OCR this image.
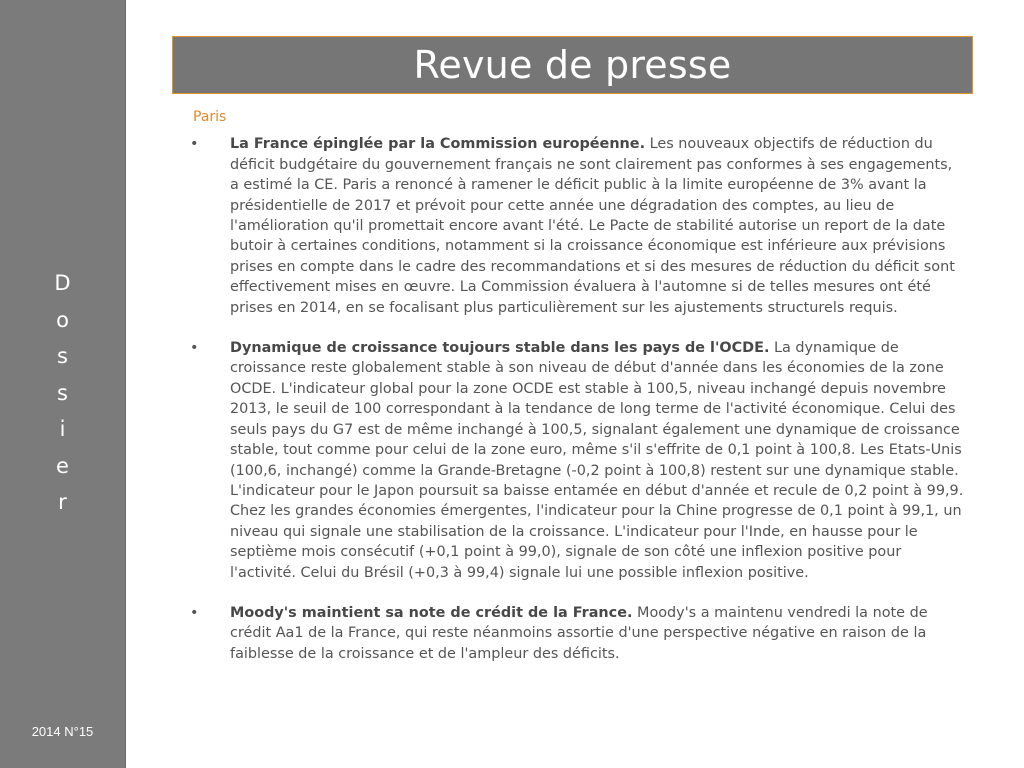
D
o
s
s
i
e
r
2014 N°15
Revue de presse
Paris
• La France épinglée par la Commission européenne. Les nouveaux objectifs de réduction du déficit budgétaire du gouvernement français ne sont clairement pas conformes à ses engagements, a estimé la CE. Paris a renoncé à ramener le déficit public à la limite européenne de 3% avant la présidentielle de 2017 et prévoit pour cette année une dégradation des comptes, au lieu de l'amélioration qu'il promettait encore avant l'été. Le Pacte de stabilité autorise un report de la date butoir à certaines conditions, notamment si la croissance économique est inférieure aux prévisions prises en compte dans le cadre des recommandations et si des mesures de réduction du déficit sont effectivement mises en œuvre. La Commission évaluera à l'automne si de telles mesures ont été prises en 2014, en se focalisant plus particulièrement sur les ajustements structurels requis.
• Dynamique de croissance toujours stable dans les pays de l'OCDE. La dynamique de croissance reste globalement stable à son niveau de début d'année dans les économies de la zone OCDE. L'indicateur global pour la zone OCDE est stable à 100,5, niveau inchangé depuis novembre 2013, le seuil de 100 correspondant à la tendance de long terme de l'activité économique. Celui des seuls pays du G7 est de même inchangé à 100,5, signalant également une dynamique de croissance stable, tout comme pour celui de la zone euro, même s'il s'effrite de 0,1 point à 100,8. Les Etats-Unis (100,6, inchangé) comme la Grande-Bretagne (-0,2 point à 100,8) restent sur une dynamique stable. L'indicateur pour le Japon poursuit sa baisse entamée en début d'année et recule de 0,2 point à 99,9. Chez les grandes économies émergentes, l'indicateur pour la Chine progresse de 0,1 point à 99,1, un niveau qui signale une stabilisation de la croissance. L'indicateur pour l'Inde, en hausse pour le septième mois consécutif (+0,1 point à 99,0), signale de son côté une inflexion positive pour l'activité. Celui du Brésil (+0,3 à 99,4) signale lui une possible inflexion positive.
• Moody's maintient sa note de crédit de la France. Moody's a maintenu vendredi la note de crédit Aa1 de la France, qui reste néanmoins assortie d'une perspective négative en raison de la faiblesse de la croissance et de l'ampleur des déficits.
